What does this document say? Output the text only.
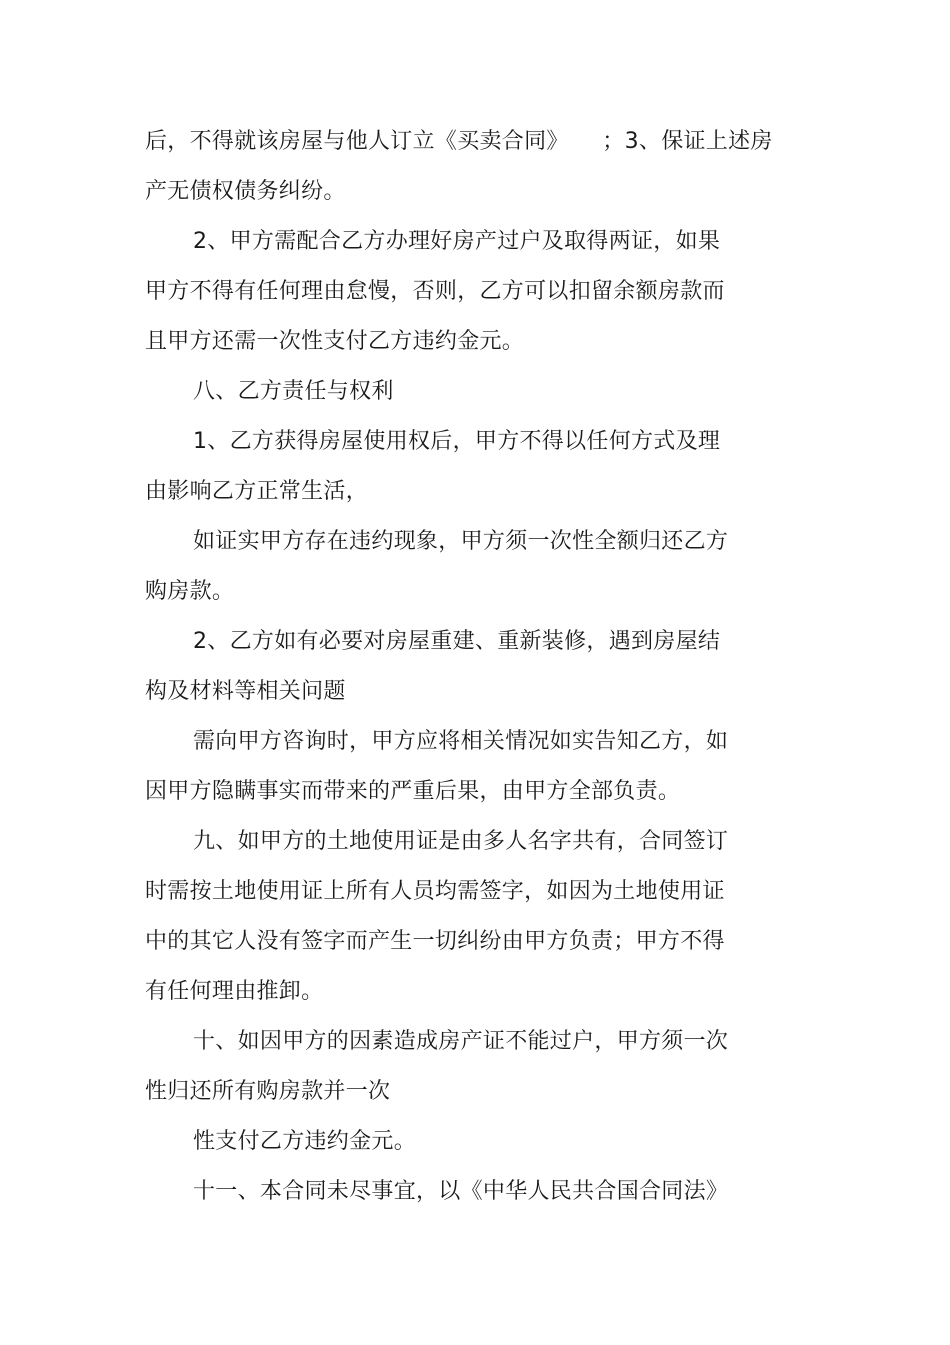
后，不得就该房屋与他人订立《买卖合同》　　；3、保证上述房
产无债权债务纠纷。
2、甲方需配合乙方办理好房产过户及取得两证，如果
甲方不得有任何理由怠慢，否则，乙方可以扣留余额房款而
且甲方还需一次性支付乙方违约金元。
八、乙方责任与权利
1、乙方获得房屋使用权后，甲方不得以任何方式及理
由影响乙方正常生活，
如证实甲方存在违约现象，甲方须一次性全额归还乙方
购房款。
2、乙方如有必要对房屋重建、重新装修，遇到房屋结
构及材料等相关问题
需向甲方咨询时，甲方应将相关情况如实告知乙方，如
因甲方隐瞒事实而带来的严重后果，由甲方全部负责。
九、如甲方的土地使用证是由多人名字共有，合同签订
时需按土地使用证上所有人员均需签字，如因为土地使用证
中的其它人没有签字而产生一切纠纷由甲方负责；甲方不得
有任何理由推卸。
十、如因甲方的因素造成房产证不能过户，甲方须一次
性归还所有购房款并一次
性支付乙方违约金元。
十一、本合同未尽事宜，以《中华人民共合国合同法》
